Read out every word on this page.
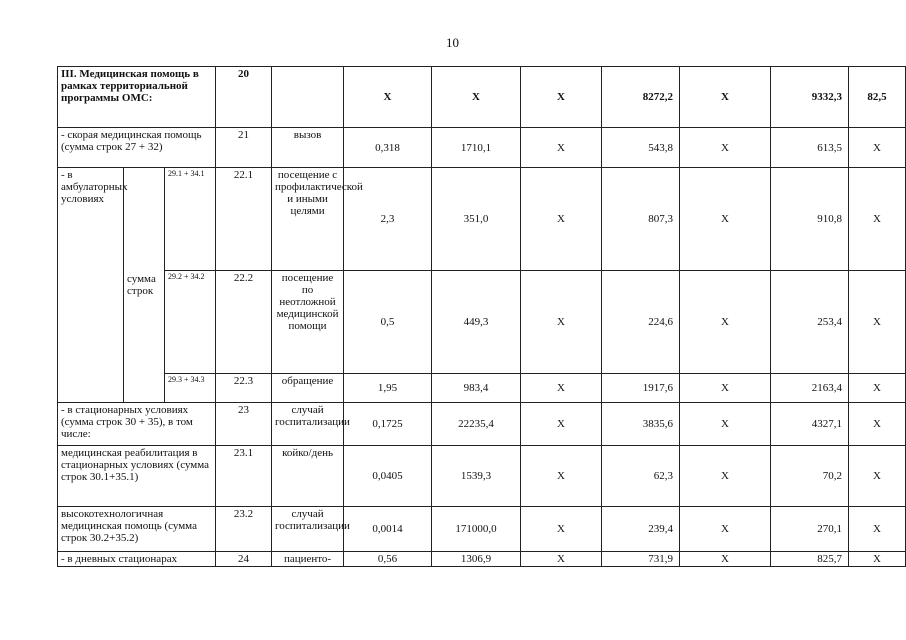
10
III. Медицинская помощь в рамках территориальной программы ОМС:			20		X	X	X	8272,2	X	9332,3	82,5
- скорая медицинская помощь (сумма строк 27 + 32)			21	вызов	0,318	1710,1	X	543,8	X	613,5	X
- в амбулаторных условиях	сумма строк	29.1 + 34.1	22.1	посещение с профилактической и иными целями	2,3	351,0	X	807,3	X	910,8	X
		29.2 + 34.2	22.2	посещение по неотложной медицинской помощи	0,5	449,3	X	224,6	X	253,4	X
		29.3 + 34.3	22.3	обращение	1,95	983,4	X	1917,6	X	2163,4	X
- в стационарных условиях (сумма строк 30 + 35), в том числе:			23	случай госпитализации	0,1725	22235,4	X	3835,6	X	4327,1	X
медицинская реабилитация в стационарных условиях (сумма строк 30.1+35.1)			23.1	койко/день	0,0405	1539,3	X	62,3	X	70,2	X
высокотехнологичная медицинская помощь (сумма строк 30.2+35.2)			23.2	случай госпитализации	0,0014	171000,0	X	239,4	X	270,1	X
- в дневных стационарах			24	пациенто-	0,56	1306,9	X	731,9	X	825,7	X
